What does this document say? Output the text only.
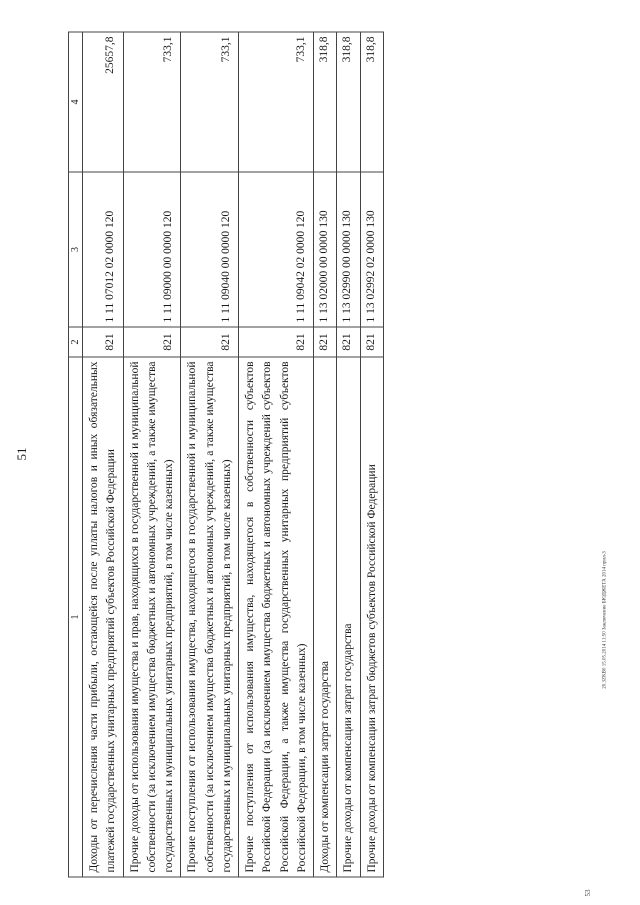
51
1	2	3	4
Доходы от перечисления части прибыли, остающейся после уплаты налогов и иных обязательных платежей государственных унитарных предприятий субъектов Российской Федерации	821	1 11 07012 02 0000 120	25657,8
Прочие доходы от использования имущества и прав, находящихся в государственной и муниципальной собственности (за исключением имущества бюджетных и автономных учреждений, а также имущества государственных и муниципальных унитарных предприятий, в том числе казенных)	821	1 11 09000 00 0000 120	733,1
Прочие поступления от использования имущества, находящегося в государственной и муниципальной собственности (за исключением имущества бюджетных и автономных учреждений, а также имущества государственных и муниципальных унитарных предприятий, в том числе казенных)	821	1 11 09040 00 0000 120	733,1
Прочие поступления от использования имущества, находящегося в собственности субъектов Российской Федерации (за исключением имущества бюджетных и автономных учреждений субъектов Российской Федерации, а также имущества государственных унитарных предприятий субъектов Российской Федерации, в том числе казенных)	821	1 11 09042 02 0000 120	733,1
Доходы от компенсации затрат государства	821	1 13 02000 00 0000 130	318,8
Прочие доходы от компенсации затрат государства	821	1 13 02990 00 0000 130	318,8
Прочие доходы от компенсации затрат бюджетов субъектов Российской Федерации	821	1 13 02992 02 0000 130	318,8
20.3ZKB0 15.05.2014 11:50 Заключение БЮДЖЕТА 2014 прил-3
53
